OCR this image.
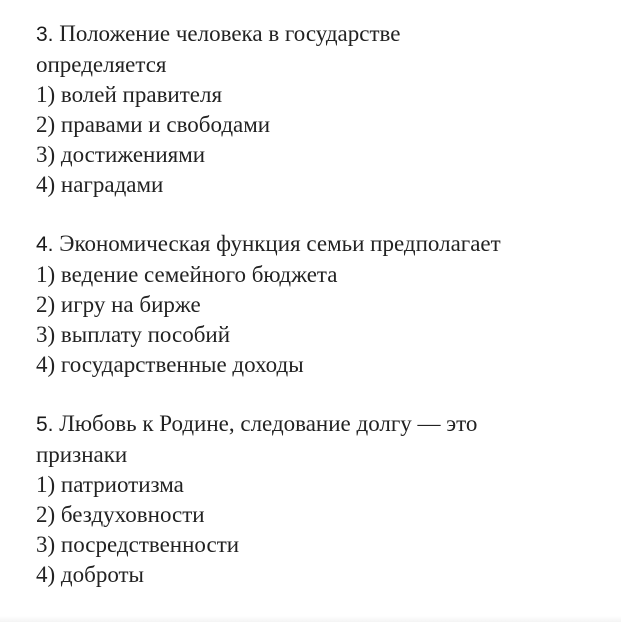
3. Положение человека в государстве
определяется
1) волей правителя
2) правами и свободами
3) достижениями
4) наградами
4. Экономическая функция семьи предполагает
1) ведение семейного бюджета
2) игру на бирже
3) выплату пособий
4) государственные доходы
5. Любовь к Родине, следование долгу — это
признаки
1) патриотизма
2) бездуховности
3) посредственности
4) доброты
